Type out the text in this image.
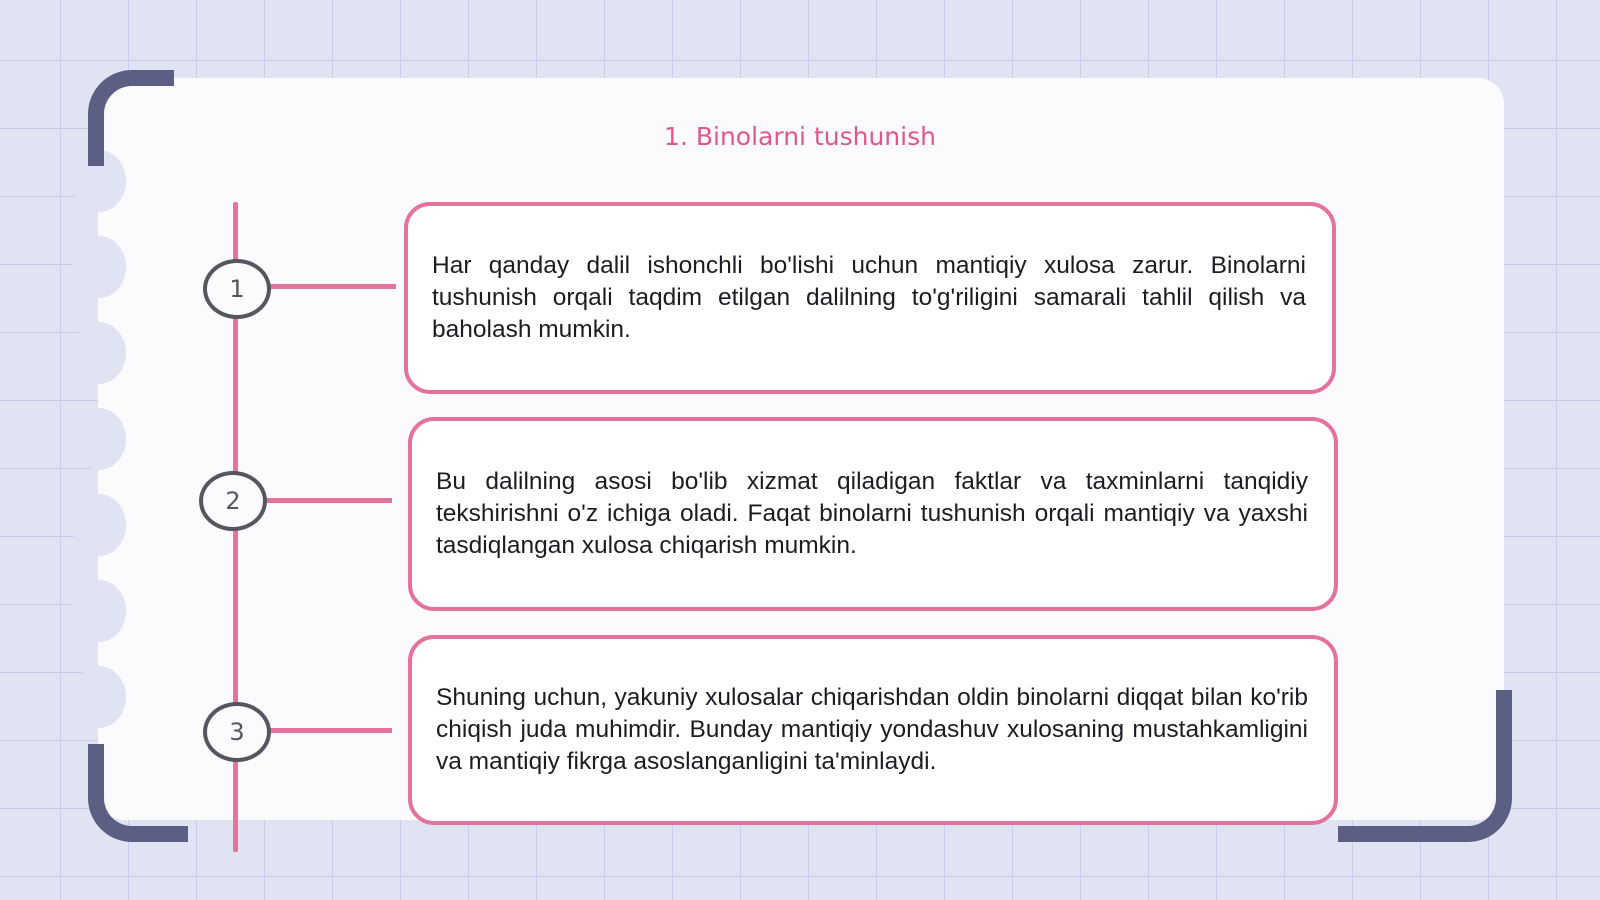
1. Binolarni tushunish
1

Har qanday dalil ishonchli bo'lishi uchun mantiqiy xulosa zarur. Binolarni tushunish orqali taqdim etilgan dalilning to'g'riligini samarali tahlil qilish va baholash mumkin.

2

Bu dalilning asosi bo'lib xizmat qiladigan faktlar va taxminlarni tanqidiy tekshirishni o'z ichiga oladi. Faqat binolarni tushunish orqali mantiqiy va yaxshi tasdiqlangan xulosa chiqarish mumkin.

3

Shuning uchun, yakuniy xulosalar chiqarishdan oldin binolarni diqqat bilan ko'rib chiqish juda muhimdir. Bunday mantiqiy yondashuv xulosaning mustahkamligini va mantiqiy fikrga asoslanganligini ta'minlaydi.
